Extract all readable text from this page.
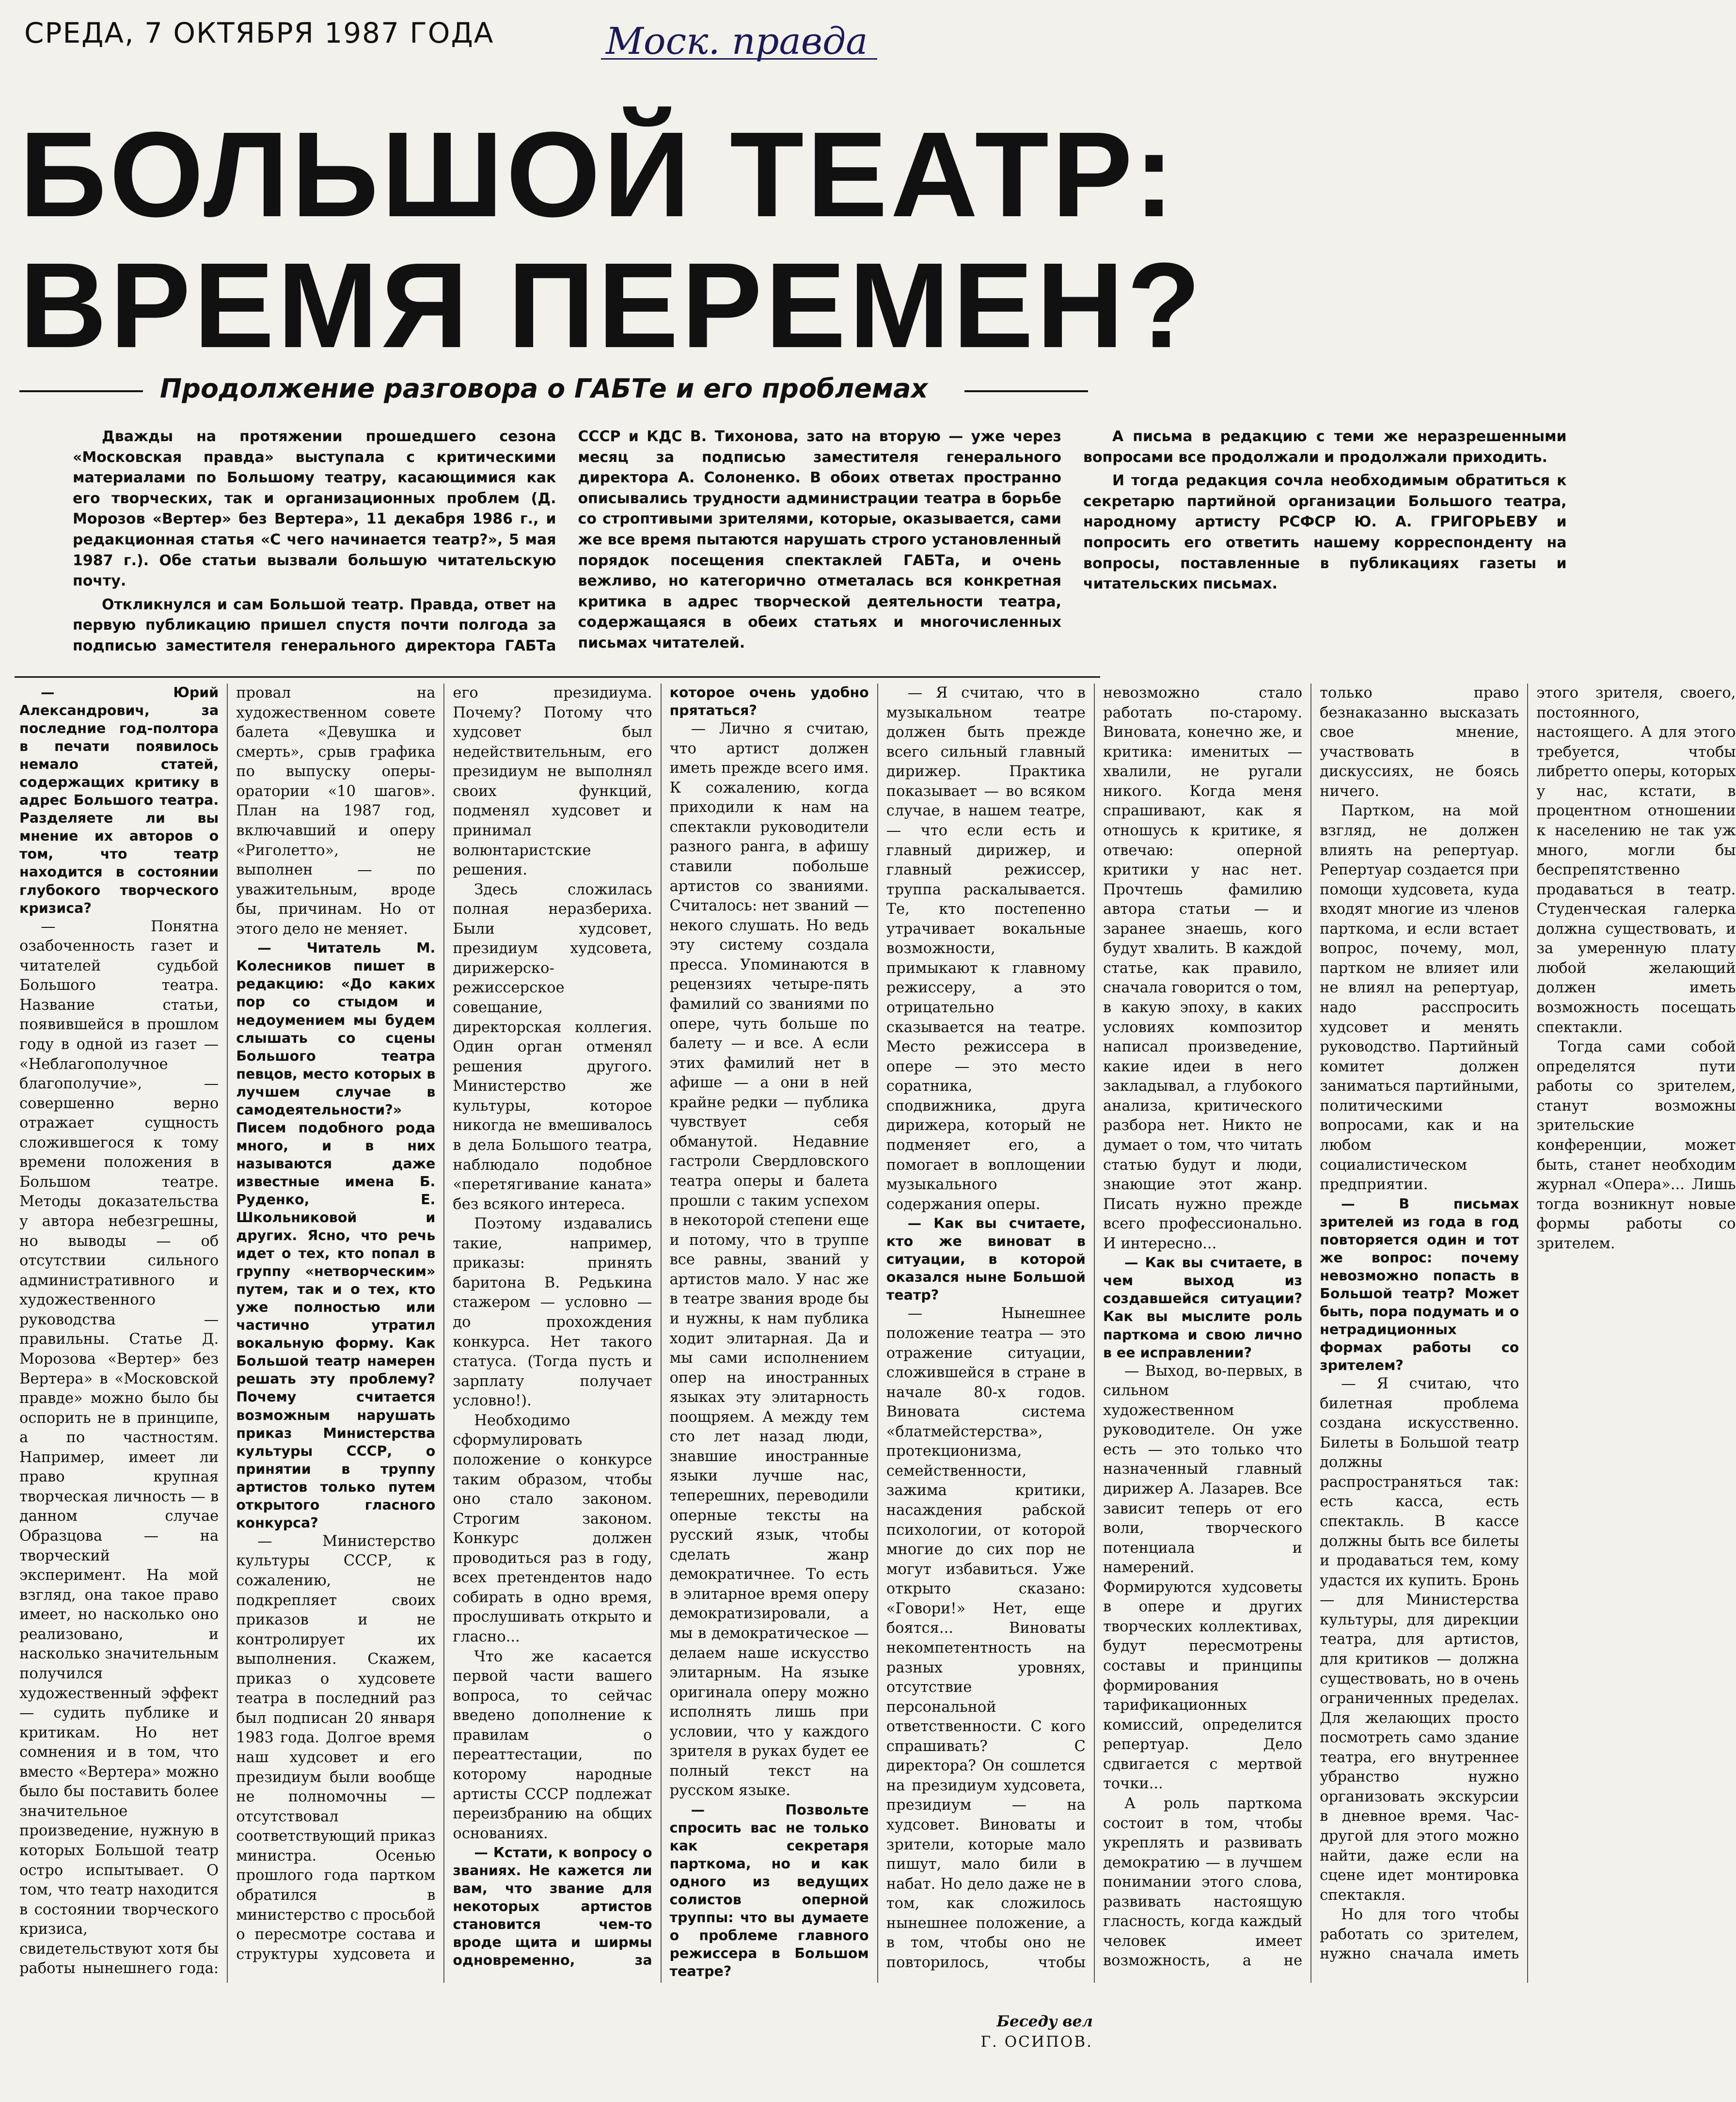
СРЕДА, 7 ОКТЯБРЯ 1987 ГОДА	Моск. правда
БОЛЬШОЙ ТЕАТР:
ВРЕМЯ ПЕРЕМЕН?
Продолжение разговора о ГАБТе и его проблемах

Дважды на протяжении прошедшего сезона «Московская правда» выступала с критическими материалами по Большому театру, касающимися как его творческих, так и организационных проблем (Д. Морозов «Вертер» без Вертера», 11 декабря 1986 г., и редакционная статья «С чего начинается театр?», 5 мая 1987 г.). Обе статьи вызвали большую читательскую почту.

Откликнулся и сам Большой театр. Правда, ответ на первую публикацию пришел спустя почти полгода за подписью заместителя генерального директора ГАБТа СССР и КДС В. Тихонова, зато на вторую — уже через месяц за подписью заместителя генерального директора А. Солоненко. В обоих ответах пространно описывались трудности администрации театра в борьбе со строптивыми зрителями, которые, оказывается, сами же все время пытаются нарушать строго установленный порядок посещения спектаклей ГАБТа, и очень вежливо, но категорично отметалась вся конкретная критика в адрес творческой деятельности театра, содержащаяся в обеих статьях и многочисленных письмах читателей.

А письма в редакцию с теми же неразрешенными вопросами все продолжали и продолжали приходить.

И тогда редакция сочла необходимым обратиться к секретарю партийной организации Большого театра, народному артисту РСФСР Ю. А. ГРИГОРЬЕВУ и попросить его ответить нашему корреспонденту на вопросы, поставленные в публикациях газеты и читательских письмах.

— Юрий Александрович, за последние год-полтора в печати появилось немало статей, содержащих критику в адрес Большого театра. Разделяете ли вы мнение их авторов о том, что театр находится в состоянии глубокого творческого кризиса?

— Понятна озабоченность газет и читателей судьбой Большого театра. Название статьи, появившейся в прошлом году в одной из газет — «Неблагополучное благополучие», — совершенно верно отражает сущность сложившегося к тому времени положения в Большом театре. Методы доказательства у автора небезгрешны, но выводы — об отсутствии сильного административного и художественного руководства — правильны. Статье Д. Морозова «Вертер» без Вертера» в «Московской правде» можно было бы оспорить не в принципе, а по частностям. Например, имеет ли право крупная творческая личность — в данном случае Образцова — на творческий эксперимент. На мой взгляд, она такое право имеет, но насколько оно реализовано, и насколько значительным получился художественный эффект — судить публике и критикам. Но нет сомнения и в том, что вместо «Вертера» можно было бы поставить более значительное произведение, нужную в которых Большой театр остро испытывает. О том, что театр находится в состоянии творческого кризиса, свидетельствуют хотя бы работы нынешнего года: провал на художественном совете балета «Девушка и смерть», срыв графика по выпуску оперы-оратории «10 шагов». План на 1987 год, включавший и оперу «Риголетто», не выполнен — по уважительным, вроде бы, причинам. Но от этого дело не меняет.

— Читатель М. Колесников пишет в редакцию: «До каких пор со стыдом и недоумением мы будем слышать со сцены Большого театра певцов, место которых в лучшем случае в самодеятельности?» Писем подобного рода много, и в них называются даже известные имена Б. Руденко, Е. Школьниковой и других. Ясно, что речь идет о тех, кто попал в группу «нетворческим» путем, так и о тех, кто уже полностью или частично утратил вокальную форму. Как Большой театр намерен решать эту проблему? Почему считается возможным нарушать приказ Министерства культуры СССР, о принятии в труппу артистов только путем открытого гласного конкурса?

— Министерство культуры СССР, к сожалению, не подкрепляет своих приказов и не контролирует их выполнения. Скажем, приказ о худсовете театра в последний раз был подписан 20 января 1983 года. Долгое время наш худсовет и его президиум были вообще не полномочны — отсутствовал соответствующий приказ министра. Осенью прошлого года партком обратился в министерство с просьбой о пересмотре состава и структуры худсовета и его президиума. Почему? Потому что худсовет был недействительным, его президиум не выполнял своих функций, подменял худсовет и принимал волюнтаристские решения.

Здесь сложилась полная неразбериха. Были худсовет, президиум худсовета, дирижерско-режиссерское совещание, директорская коллегия. Один орган отменял решения другого. Министерство же культуры, которое никогда не вмешивалось в дела Большого театра, наблюдало подобное «перетягивание каната» без всякого интереса.

Поэтому издавались такие, например, приказы: принять баритона В. Редькина стажером — условно — до прохождения конкурса. Нет такого статуса. (Тогда пусть и зарплату получает условно!).

Необходимо сформулировать положение о конкурсе таким образом, чтобы оно стало законом. Строгим законом. Конкурс должен проводиться раз в году, всех претендентов надо собирать в одно время, прослушивать открыто и гласно...

Что же касается первой части вашего вопроса, то сейчас введено дополнение к правилам о переаттестации, по которому народные артисты СССР подлежат переизбранию на общих основаниях.

— Кстати, к вопросу о званиях. Не кажется ли вам, что звание для некоторых артистов становится чем-то вроде щита и ширмы одновременно, за которое очень удобно прятаться?

— Лично я считаю, что артист должен иметь прежде всего имя. К сожалению, когда приходили к нам на спектакли руководители разного ранга, в афишу ставили побольше артистов со званиями. Считалось: нет званий — некого слушать. Но ведь эту систему создала пресса. Упоминаются в рецензиях четыре-пять фамилий со званиями по опере, чуть больше по балету — и все. А если этих фамилий нет в афише — а они в ней крайне редки — публика чувствует себя обманутой. Недавние гастроли Свердловского театра оперы и балета прошли с таким успехом в некоторой степени еще и потому, что в труппе все равны, званий у артистов мало. У нас же в театре звания вроде бы и нужны, к нам публика ходит элитарная. Да и мы сами исполнением опер на иностранных языках эту элитарность поощряем. А между тем сто лет назад люди, знавшие иностранные языки лучше нас, теперешних, переводили оперные тексты на русский язык, чтобы сделать жанр демократичнее. То есть в элитарное время оперу демократизировали, а мы в демократическое — делаем наше искусство элитарным. На языке оригинала оперу можно исполнять лишь при условии, что у каждого зрителя в руках будет ее полный текст на русском языке.

— Позвольте спросить вас не только как секретаря парткома, но и как одного из ведущих солистов оперной труппы: что вы думаете о проблеме главного режиссера в Большом театре?

— Я считаю, что в музыкальном театре должен быть прежде всего сильный главный дирижер. Практика показывает — во всяком случае, в нашем театре, — что если есть и главный дирижер, и главный режиссер, труппа раскалывается. Те, кто постепенно утрачивает вокальные возможности, примыкают к главному режиссеру, а это отрицательно сказывается на театре. Место режиссера в опере — это место соратника, сподвижника, друга дирижера, который не подменяет его, а помогает в воплощении музыкального содержания оперы.

— Как вы считаете, кто же виноват в ситуации, в которой оказался ныне Большой театр?

— Нынешнее положение театра — это отражение ситуации, сложившейся в стране в начале 80-х годов. Виновата система «блатмейстерства», протекционизма, семейственности, зажима критики, насаждения рабской психологии, от которой многие до сих пор не могут избавиться. Уже открыто сказано: «Говори!» Нет, еще боятся... Виноваты некомпетентность на разных уровнях, отсутствие персональной ответственности. С кого спрашивать? С директора? Он сошлется на президиум худсовета, президиум — на худсовет. Виноваты и зрители, которые мало пишут, мало били в набат. Но дело даже не в том, как сложилось нынешнее положение, а в том, чтобы оно не повторилось, чтобы невозможно стало работать по-старому. Виновата, конечно же, и критика: именитых — хвалили, не ругали никого. Когда меня спрашивают, как я отношусь к критике, я отвечаю: оперной критики у нас нет. Прочтешь фамилию автора статьи — и заранее знаешь, кого будут хвалить. В каждой статье, как правило, сначала говорится о том, в какую эпоху, в каких условиях композитор написал произведение, какие идеи в него закладывал, а глубокого анализа, критического разбора нет. Никто не думает о том, что читать статью будут и люди, знающие этот жанр. Писать нужно прежде всего профессионально. И интересно...

— Как вы считаете, в чем выход из создавшейся ситуации? Как вы мыслите роль парткома и свою лично в ее исправлении?

— Выход, во-первых, в сильном художественном руководителе. Он уже есть — это только что назначенный главный дирижер А. Лазарев. Все зависит теперь от его воли, творческого потенциала и намерений. Формируются худсоветы в опере и других творческих коллективах, будут пересмотрены составы и принципы формирования тарификационных комиссий, определится репертуар. Дело сдвигается с мертвой точки...

А роль парткома состоит в том, чтобы укреплять и развивать демократию — в лучшем понимании этого слова, развивать настоящую гласность, когда каждый человек имеет возможность, а не только право безнаказанно высказать свое мнение, участвовать в дискуссиях, не боясь ничего.

Партком, на мой взгляд, не должен влиять на репертуар. Репертуар создается при помощи худсовета, куда входят многие из членов парткома, и если встает вопрос, почему, мол, партком не влияет или не влиял на репертуар, надо расспросить худсовет и менять руководство. Партийный комитет должен заниматься партийными, политическими вопросами, как и на любом социалистическом предприятии.

— В письмах зрителей из года в год повторяется один и тот же вопрос: почему невозможно попасть в Большой театр? Может быть, пора подумать и о нетрадиционных формах работы со зрителем?

— Я считаю, что билетная проблема создана искусственно. Билеты в Большой театр должны распространяться так: есть касса, есть спектакль. В кассе должны быть все билеты и продаваться тем, кому удастся их купить. Бронь — для Министерства культуры, для дирекции театра, для артистов, для критиков — должна существовать, но в очень ограниченных пределах. Для желающих просто посмотреть само здание театра, его внутреннее убранство нужно организовать экскурсии в дневное время. Час-другой для этого можно найти, даже если на сцене идет монтировка спектакля.

Но для того чтобы работать со зрителем, нужно сначала иметь этого зрителя, своего, постоянного, настоящего. А для этого требуется, чтобы либретто оперы, которых у нас, кстати, в процентном отношении к населению не так уж много, могли бы беспрепятственно продаваться в театр. Студенческая галерка должна существовать, и за умеренную плату любой желающий должен иметь возможность посещать спектакли.

Тогда сами собой определятся пути работы со зрителем, станут возможны зрительские конференции, может быть, станет необходим журнал «Опера»... Лишь тогда возникнут новые формы работы со зрителем.

Беседу вел
Г. ОСИПОВ.
